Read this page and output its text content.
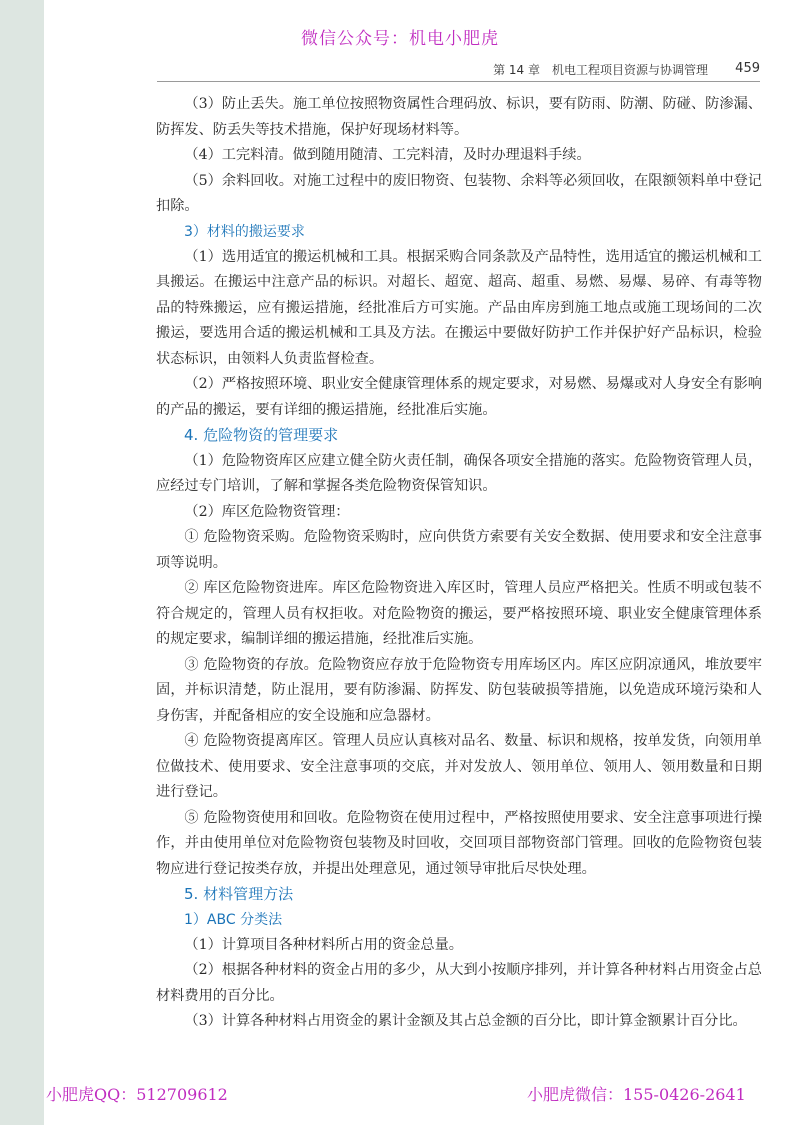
微信公众号：机电小肥虎
第 14 章　机电工程项目资源与协调管理 459

（3）防止丢失。施工单位按照物资属性合理码放、标识，要有防雨、防潮、防碰、防渗漏、防挥发、防丢失等技术措施，保护好现场材料等。

（4）工完料清。做到随用随清、工完料清，及时办理退料手续。

（5）余料回收。对施工过程中的废旧物资、包装物、余料等必须回收，在限额领料单中登记扣除。

3）材料的搬运要求

（1）选用适宜的搬运机械和工具。根据采购合同条款及产品特性，选用适宜的搬运机械和工具搬运。在搬运中注意产品的标识。对超长、超宽、超高、超重、易燃、易爆、易碎、有毒等物品的特殊搬运，应有搬运措施，经批准后方可实施。产品由库房到施工地点或施工现场间的二次搬运，要选用合适的搬运机械和工具及方法。在搬运中要做好防护工作并保护好产品标识，检验状态标识，由领料人负责监督检查。

（2）严格按照环境、职业安全健康管理体系的规定要求，对易燃、易爆或对人身安全有影响的产品的搬运，要有详细的搬运措施，经批准后实施。

4. 危险物资的管理要求

（1）危险物资库区应建立健全防火责任制，确保各项安全措施的落实。危险物资管理人员，应经过专门培训，了解和掌握各类危险物资保管知识。

（2）库区危险物资管理：

① 危险物资采购。危险物资采购时，应向供货方索要有关安全数据、使用要求和安全注意事项等说明。

② 库区危险物资进库。库区危险物资进入库区时，管理人员应严格把关。性质不明或包装不符合规定的，管理人员有权拒收。对危险物资的搬运，要严格按照环境、职业安全健康管理体系的规定要求，编制详细的搬运措施，经批准后实施。

③ 危险物资的存放。危险物资应存放于危险物资专用库场区内。库区应阴凉通风，堆放要牢固，并标识清楚，防止混用，要有防渗漏、防挥发、防包装破损等措施，以免造成环境污染和人身伤害，并配备相应的安全设施和应急器材。

④ 危险物资提离库区。管理人员应认真核对品名、数量、标识和规格，按单发货，向领用单位做技术、使用要求、安全注意事项的交底，并对发放人、领用单位、领用人、领用数量和日期进行登记。

⑤ 危险物资使用和回收。危险物资在使用过程中，严格按照使用要求、安全注意事项进行操作，并由使用单位对危险物资包装物及时回收，交回项目部物资部门管理。回收的危险物资包装物应进行登记按类存放，并提出处理意见，通过领导审批后尽快处理。

5. 材料管理方法
1）ABC 分类法

（1）计算项目各种材料所占用的资金总量。

（2）根据各种材料的资金占用的多少，从大到小按顺序排列，并计算各种材料占用资金占总材料费用的百分比。

（3）计算各种材料占用资金的累计金额及其占总金额的百分比，即计算金额累计百分比。

小肥虎QQ：512709612	小肥虎微信：155-0426-2641
